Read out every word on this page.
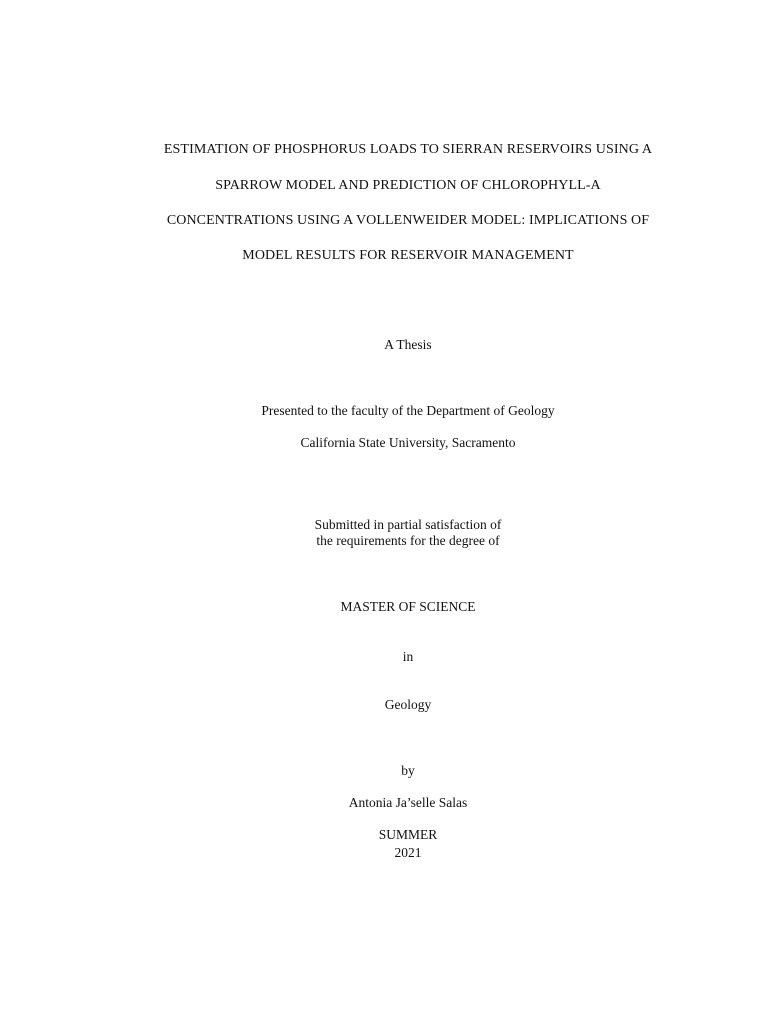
ESTIMATION OF PHOSPHORUS LOADS TO SIERRAN RESERVOIRS USING A
SPARROW MODEL AND PREDICTION OF CHLOROPHYLL-A
CONCENTRATIONS USING A VOLLENWEIDER MODEL: IMPLICATIONS OF
MODEL RESULTS FOR RESERVOIR MANAGEMENT
A Thesis
Presented to the faculty of the Department of Geology
California State University, Sacramento
Submitted in partial satisfaction of
the requirements for the degree of
MASTER OF SCIENCE
in
Geology
by
Antonia Ja’selle Salas
SUMMER
2021
